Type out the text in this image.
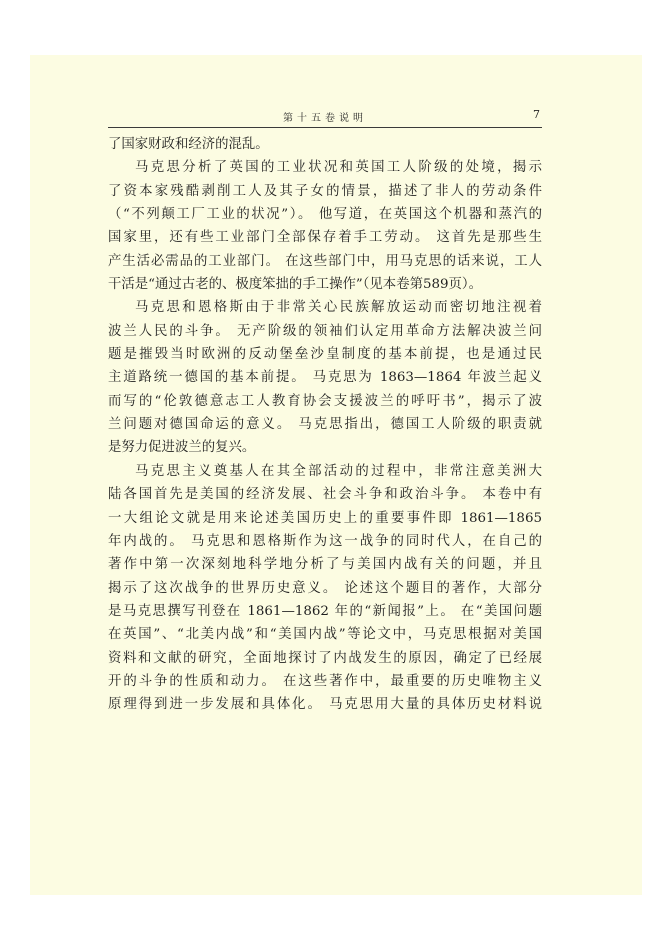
第十五卷说明	7
了国家财政和经济的混乱。
马克思分析了英国的工业状况和英国工人阶级的处境，揭示
了资本家残酷剥削工人及其子女的情景，描述了非人的劳动条件
（“不列颠工厂工业的状况”）。 他写道，在英国这个机器和蒸汽的
国家里，还有些工业部门全部保存着手工劳动。 这首先是那些生
产生活必需品的工业部门。 在这些部门中，用马克思的话来说，工人
干活是“通过古老的、极度笨拙的手工操作”（见本卷第589页）。
马克思和恩格斯由于非常关心民族解放运动而密切地注视着
波兰人民的斗争。 无产阶级的领袖们认定用革命方法解决波兰问
题是摧毁当时欧洲的反动堡垒沙皇制度的基本前提，也是通过民
主道路统一德国的基本前提。 马克思为 1863—1864 年波兰起义
而写的“伦敦德意志工人教育协会支援波兰的呼吁书”，揭示了波
兰问题对德国命运的意义。 马克思指出，德国工人阶级的职责就
是努力促进波兰的复兴。
马克思主义奠基人在其全部活动的过程中，非常注意美洲大
陆各国首先是美国的经济发展、社会斗争和政治斗争。 本卷中有
一大组论文就是用来论述美国历史上的重要事件即 1861—1865
年内战的。 马克思和恩格斯作为这一战争的同时代人，在自己的
著作中第一次深刻地科学地分析了与美国内战有关的问题，并且
揭示了这次战争的世界历史意义。 论述这个题目的著作，大部分
是马克思撰写刊登在 1861—1862 年的“新闻报”上。 在“美国问题
在英国”、“北美内战”和“美国内战”等论文中，马克思根据对美国
资料和文献的研究，全面地探讨了内战发生的原因，确定了已经展
开的斗争的性质和动力。 在这些著作中，最重要的历史唯物主义
原理得到进一步发展和具体化。 马克思用大量的具体历史材料说
